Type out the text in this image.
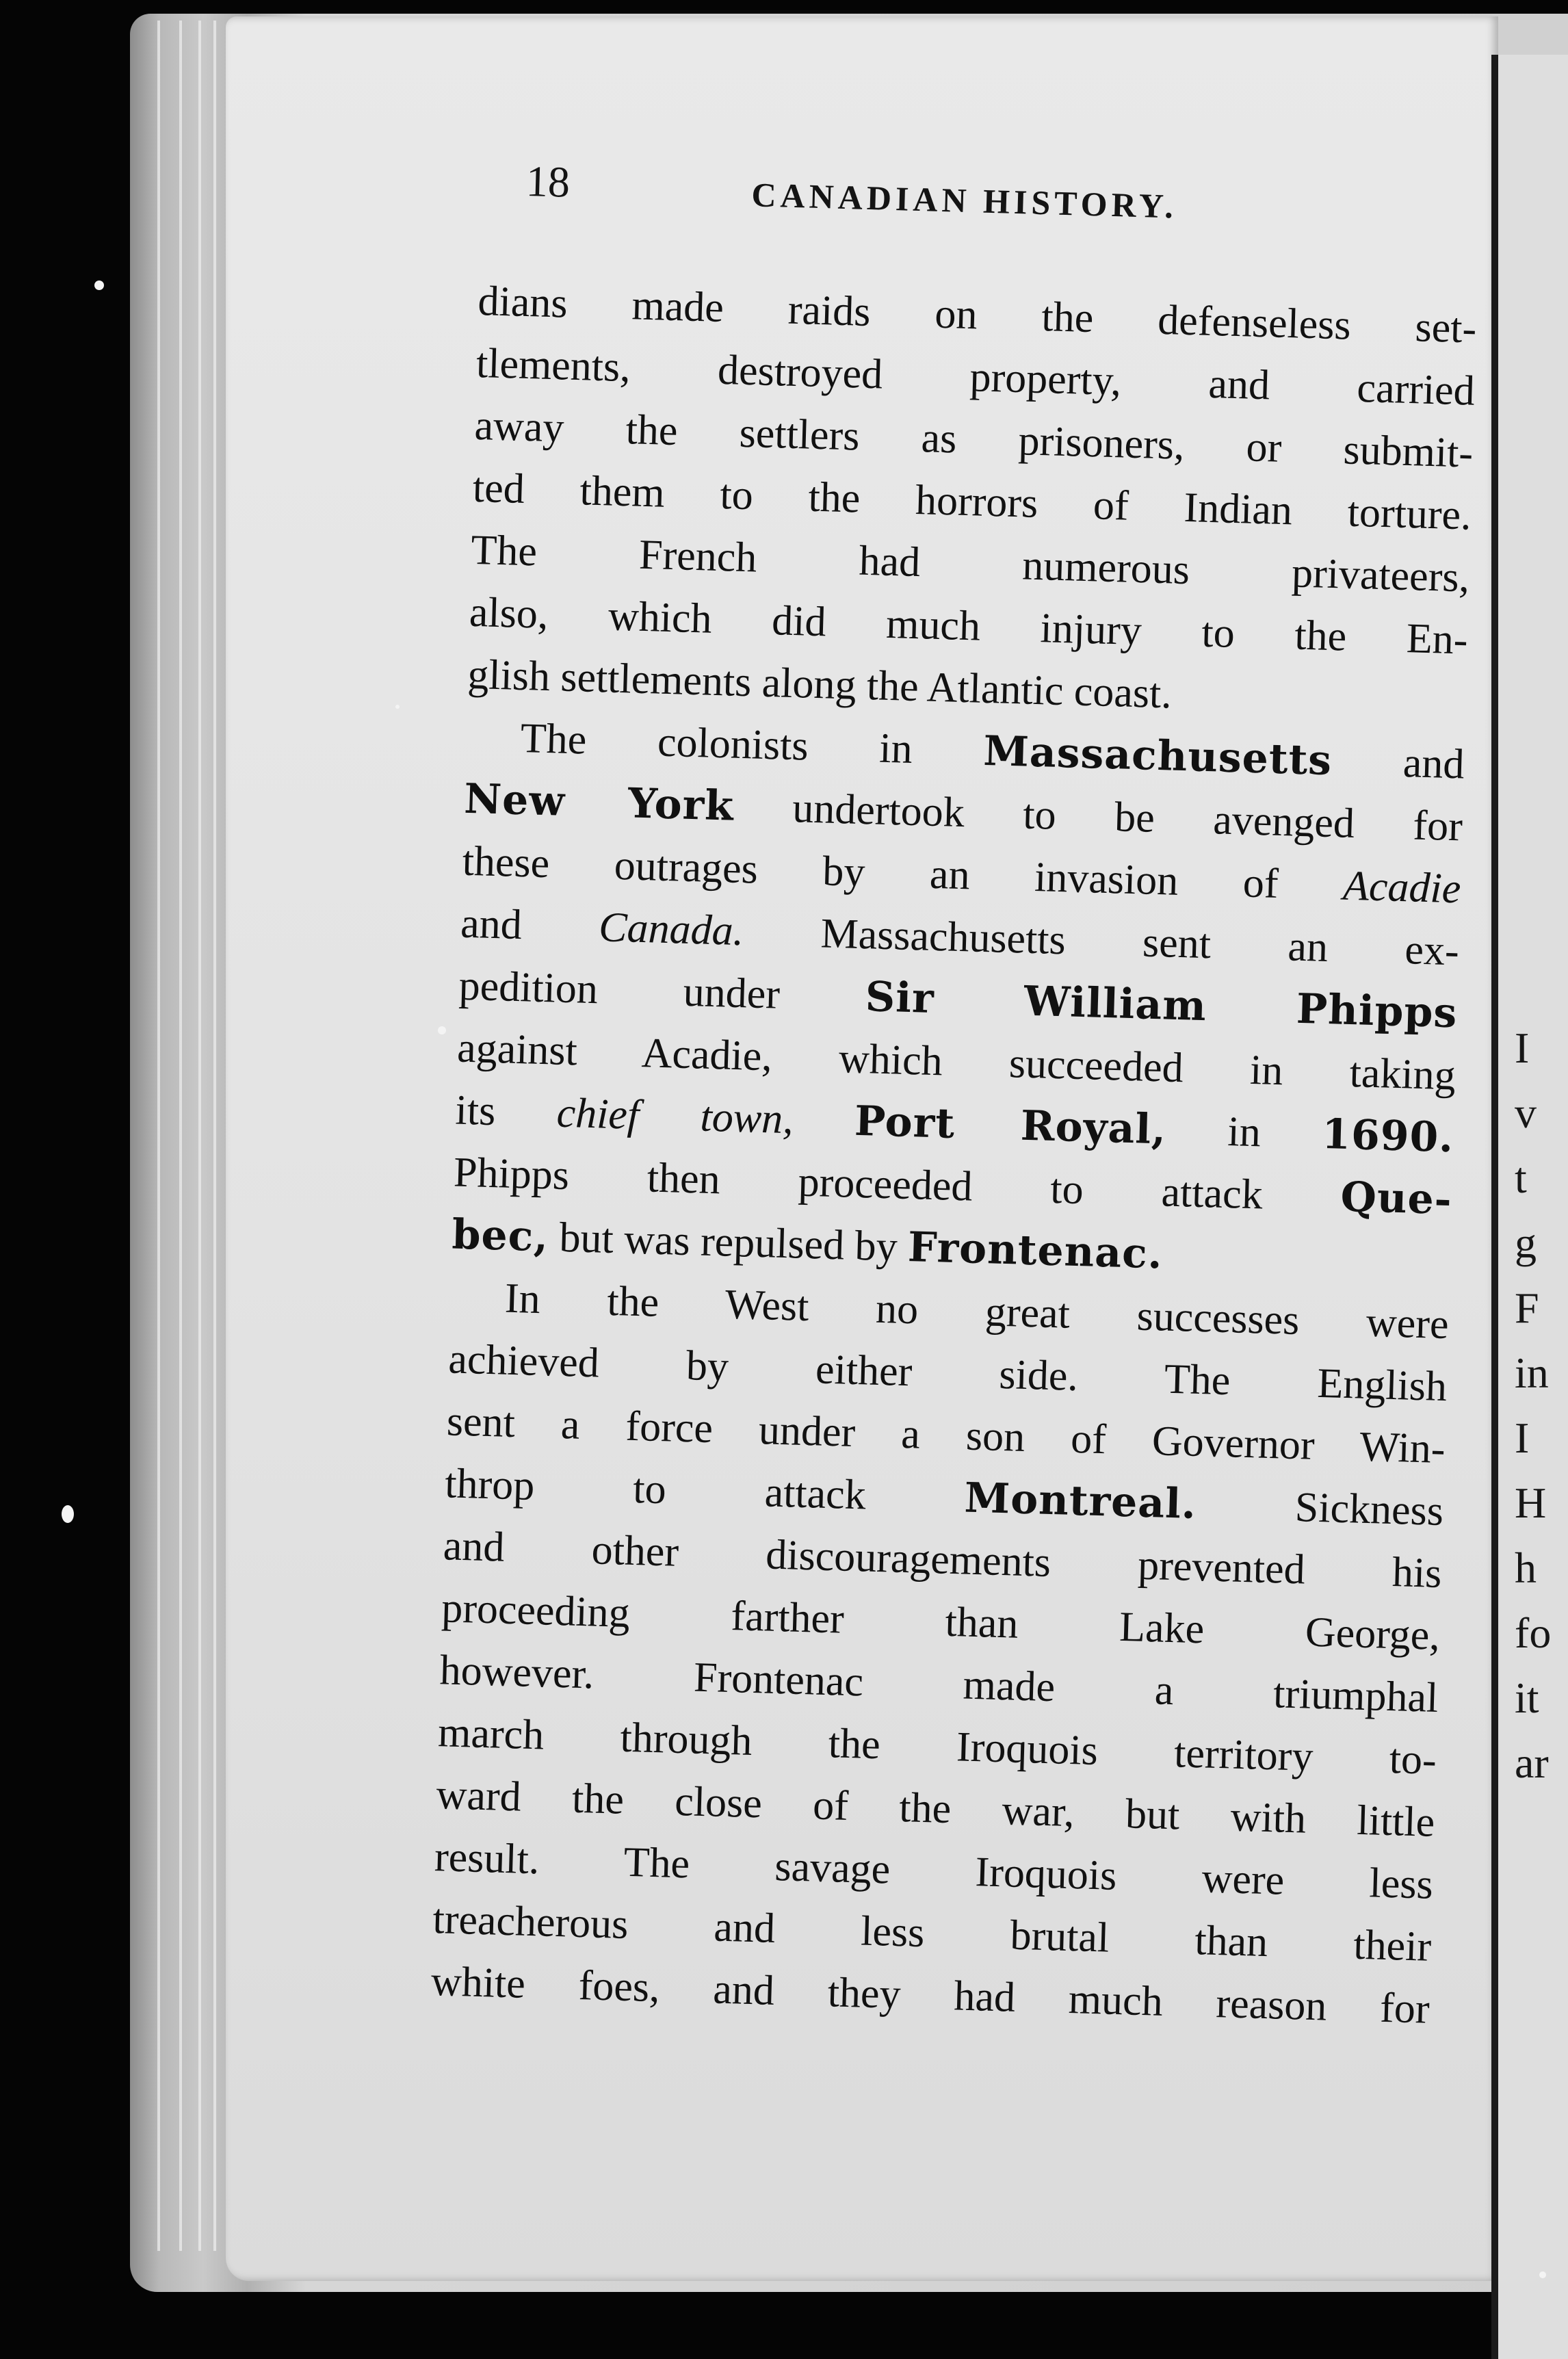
I
v
t
g
F
in
I
H
h
fo
it
ar
18	CANADIAN HISTORY.
dians made raids on the defenseless set-
tlements, destroyed property, and carried
away the settlers as prisoners, or submit-
ted them to the horrors of Indian torture.
The French had numerous privateers,
also, which did much injury to the En-
glish settlements along the Atlantic coast.
The colonists in Massachusetts and
New York undertook to be avenged for
these outrages by an invasion of Acadie
and Canada. Massachusetts sent an ex-
pedition under Sir William Phipps
against Acadie, which succeeded in taking
its chief town, Port Royal, in 1690.
Phipps then proceeded to attack Que-
bec, but was repulsed by Frontenac.
In the West no great successes were
achieved by either side. The English
sent a force under a son of Governor Win-
throp to attack Montreal. Sickness
and other discouragements prevented his
proceeding farther than Lake George,
however. Frontenac made a triumphal
march through the Iroquois territory to-
ward the close of the war, but with little
result. The savage Iroquois were less
treacherous and less brutal than their
white foes, and they had much reason for
